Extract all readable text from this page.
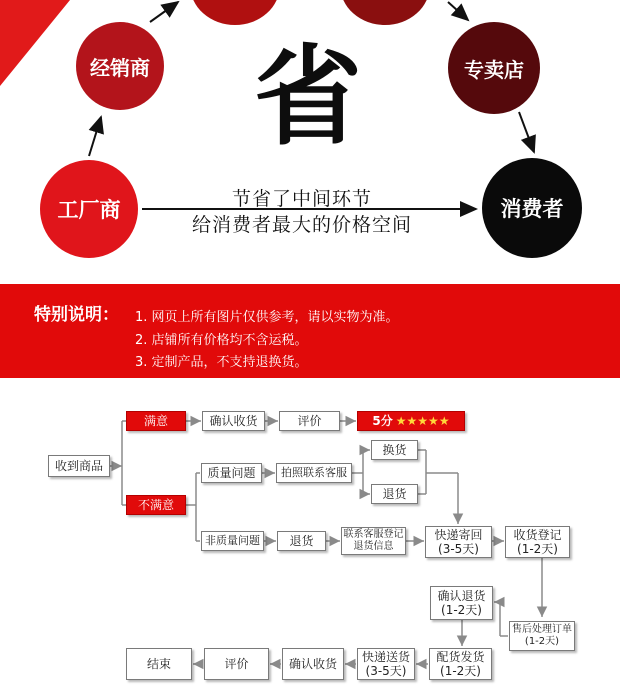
经销商	专卖店
工厂商	消费者
省
节省了中间环节
给消费者最大的价格空间
特别说明： 1. 网页上所有图片仅供参考，请以实物为准。
2. 店铺所有价格均不含运税。
3. 定制产品，不支持退换货。
收到商品
满意	确认收货	评价	5分 ★★★★★
不满意
质量问题 拍照联系客服
换货
退货
非质量问题 退货	联系客服登记
退货信息
快递寄回
(3-5天)
收货登记
(1-2天)
确认退货
(1-2天)
售后处理订单
(1-2天)
结束	评价	确认收货 快递送货
(3-5天)
配货发货
(1-2天)
